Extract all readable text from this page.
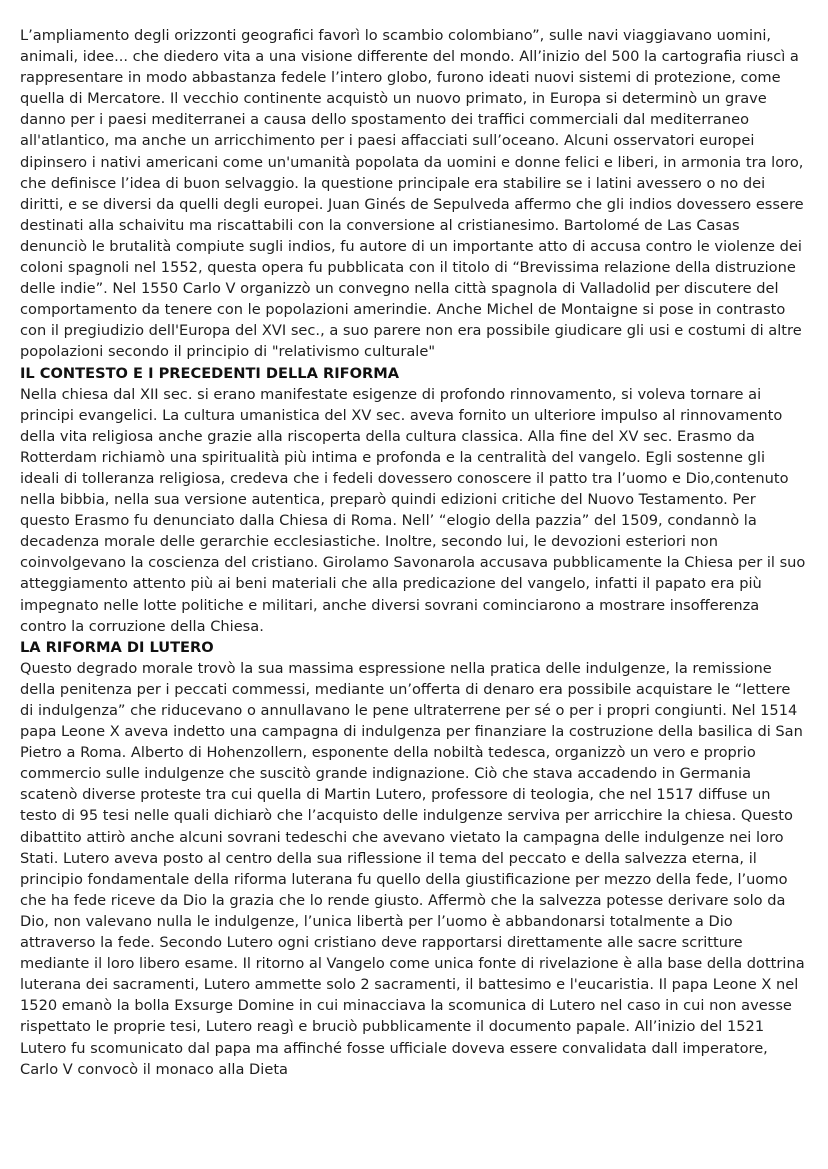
L’ampliamento degli orizzonti geografici favorì lo scambio colombiano”, sulle navi viaggiavano uomini, animali, idee... che diedero vita a una visione differente del mondo. All’inizio del 500 la cartografia riuscì a rappresentare in modo abbastanza fedele l’intero globo, furono ideati nuovi sistemi di protezione, come quella di Mercatore. Il vecchio continente acquistò un nuovo primato, in Europa si determinò un grave danno per i paesi mediterranei a causa dello spostamento dei traffici commerciali dal mediterraneo all'atlantico, ma anche un arricchimento per i paesi affacciati sull’oceano. Alcuni osservatori europei dipinsero i nativi americani come un'umanità popolata da uomini e donne felici e liberi, in armonia tra loro, che definisce l’idea di buon selvaggio. la questione principale era stabilire se i latini avessero o no dei diritti, e se diversi da quelli degli europei. Juan Ginés de Sepulveda affermo che gli indios dovessero essere destinati alla schaivitu ma riscattabili con la conversione al cristianesimo. Bartolomé de Las Casas denunciò le brutalità compiute sugli indios, fu autore di un importante atto di accusa contro le violenze dei coloni spagnoli nel 1552, questa opera fu pubblicata con il titolo di “Brevissima relazione della distruzione delle indie”. Nel 1550 Carlo V organizzò un convegno nella città spagnola di Valladolid per discutere del comportamento da tenere con le popolazioni amerindie. Anche Michel de Montaigne si pose in contrasto con il pregiudizio dell'Europa del XVI sec., a suo parere non era possibile giudicare gli usi e costumi di altre popolazioni secondo il principio di "relativismo culturale"

IL CONTESTO E I PRECEDENTI DELLA RIFORMA

Nella chiesa dal XII sec. si erano manifestate esigenze di profondo rinnovamento, si voleva tornare ai principi evangelici. La cultura umanistica del XV sec. aveva fornito un ulteriore impulso al rinnovamento della vita religiosa anche grazie alla riscoperta della cultura classica. Alla fine del XV sec. Erasmo da Rotterdam richiamò una spiritualità più intima e profonda e la centralità del vangelo. Egli sostenne gli ideali di tolleranza religiosa, credeva che i fedeli dovessero conoscere il patto tra l’uomo e Dio,contenuto nella bibbia, nella sua versione autentica, preparò quindi edizioni critiche del Nuovo Testamento. Per questo Erasmo fu denunciato dalla Chiesa di Roma. Nell’ “elogio della pazzia” del 1509, condannò la decadenza morale delle gerarchie ecclesiastiche. Inoltre, secondo lui, le devozioni esteriori non coinvolgevano la coscienza del cristiano. Girolamo Savonarola accusava pubblicamente la Chiesa per il suo atteggiamento attento più ai beni materiali che alla predicazione del vangelo, infatti il papato era più impegnato nelle lotte politiche e militari, anche diversi sovrani cominciarono a mostrare insofferenza contro la corruzione della Chiesa.

LA RIFORMA DI LUTERO

Questo degrado morale trovò la sua massima espressione nella pratica delle indulgenze, la remissione della penitenza per i peccati commessi, mediante un’offerta di denaro era possibile acquistare le “lettere di indulgenza” che riducevano o annullavano le pene ultraterrene per sé o per i propri congiunti. Nel 1514 papa Leone X aveva indetto una campagna di indulgenza per finanziare la costruzione della basilica di San Pietro a Roma. Alberto di Hohenzollern, esponente della nobiltà tedesca, organizzò un vero e proprio commercio sulle indulgenze che suscitò grande indignazione. Ciò che stava accadendo in Germania scatenò diverse proteste tra cui quella di Martin Lutero, professore di teologia, che nel 1517 diffuse un testo di 95 tesi nelle quali dichiarò che l’acquisto delle indulgenze serviva per arricchire la chiesa. Questo dibattito attirò anche alcuni sovrani tedeschi che avevano vietato la campagna delle indulgenze nei loro Stati. Lutero aveva posto al centro della sua riflessione il tema del peccato e della salvezza eterna, il principio fondamentale della riforma luterana fu quello della giustificazione per mezzo della fede, l’uomo che ha fede riceve da Dio la grazia che lo rende giusto. Affermò che la salvezza potesse derivare solo da Dio, non valevano nulla le indulgenze, l’unica libertà per l’uomo è abbandonarsi totalmente a Dio attraverso la fede. Secondo Lutero ogni cristiano deve rapportarsi direttamente alle sacre scritture mediante il loro libero esame. Il ritorno al Vangelo come unica fonte di rivelazione è alla base della dottrina luterana dei sacramenti, Lutero ammette solo 2 sacramenti, il battesimo e l'eucaristia. Il papa Leone X nel 1520 emanò la bolla Exsurge Domine in cui minacciava la scomunica di Lutero nel caso in cui non avesse rispettato le proprie tesi, Lutero reagì e bruciò pubblicamente il documento papale. All’inizio del 1521 Lutero fu scomunicato dal papa ma affinché fosse ufficiale doveva essere convalidata dall imperatore, Carlo V convocò il monaco alla Dieta
